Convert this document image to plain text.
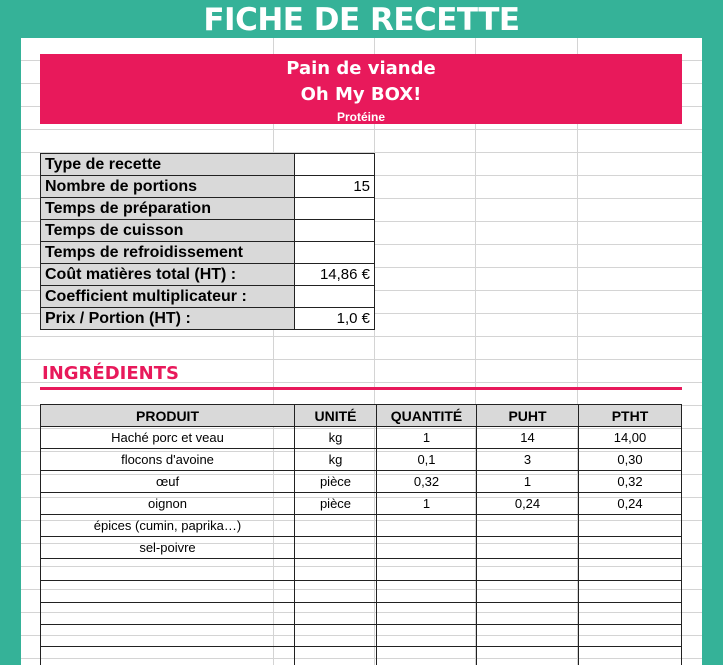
FICHE DE RECETTE
Pain de viande
Oh My BOX!
Protéine
Type de recette	
Nombre de portions	15
Temps de préparation	
Temps de cuisson	
Temps de refroidissement	
Coût matières total (HT) :	14,86 €
Coefficient multiplicateur :	
Prix / Portion (HT) :	1,0 €
INGRÉDIENTS
PRODUIT	UNITÉ	QUANTITÉ	PUHT	PTHT
Haché porc et veau	kg	1	14	14,00
flocons d'avoine	kg	0,1	3	0,30
œuf	pièce	0,32	1	0,32
oignon	pièce	1	0,24	0,24
épices (cumin, paprika…)				
sel-poivre				
